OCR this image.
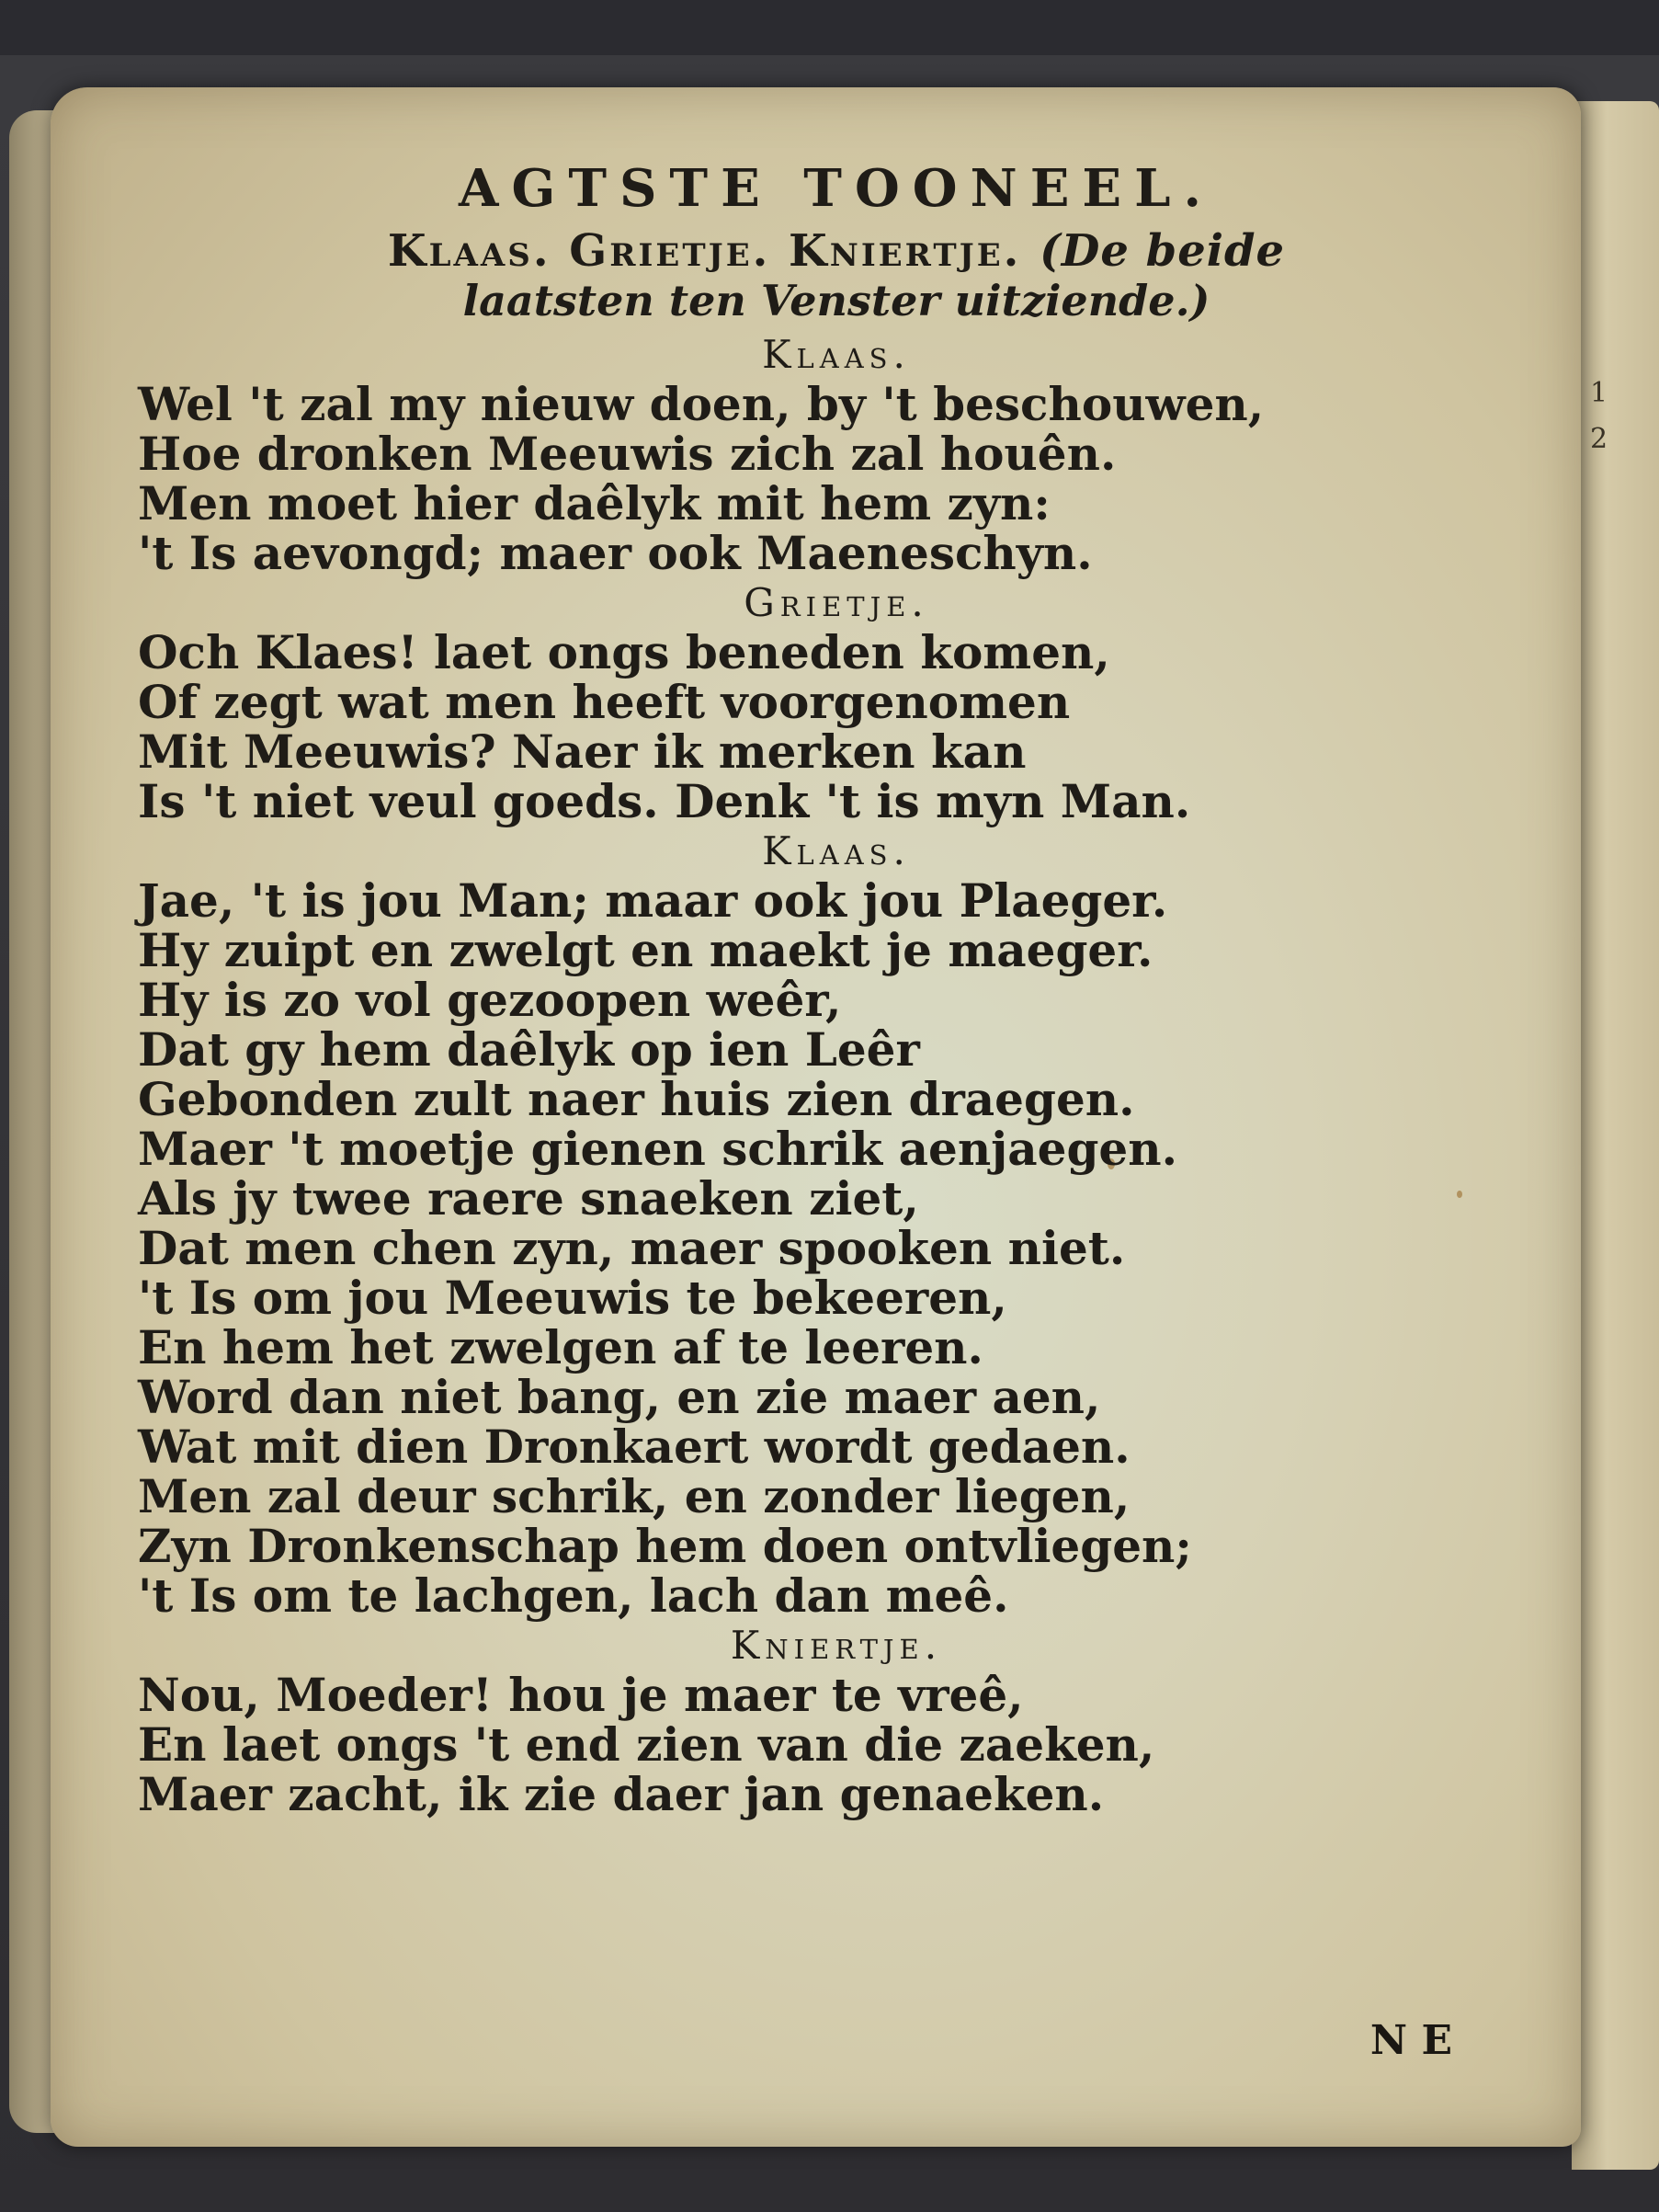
1
2

AGTSTE TOONEEL.

Klaas. Grietje. Kniertje. (De beide

laatsten ten Venster uitziende.)

Klaas.

Wel 't zal my nieuw doen, by 't beschouwen,

Hoe dronken Meeuwis zich zal houên.

Men moet hier daêlyk mit hem zyn:

't Is aevongd; maer ook Maeneschyn.

Grietje.

Och Klaes! laet ongs beneden komen,

Of zegt wat men heeft voorgenomen

Mit Meeuwis? Naer ik merken kan

Is 't niet veul goeds. Denk 't is myn Man.

Klaas.

Jae, 't is jou Man; maar ook jou Plaeger.

Hy zuipt en zwelgt en maekt je maeger.

Hy is zo vol gezoopen weêr,

Dat gy hem daêlyk op ien Leêr

Gebonden zult naer huis zien draegen.

Maer 't moetje gienen schrik aenjaegen.

Als jy twee raere snaeken ziet,

Dat men chen zyn, maer spooken niet.

't Is om jou Meeuwis te bekeeren,

En hem het zwelgen af te leeren.

Word dan niet bang, en zie maer aen,

Wat mit dien Dronkaert wordt gedaen.

Men zal deur schrik, en zonder liegen,

Zyn Dronkenschap hem doen ontvliegen;

't Is om te lachgen, lach dan meê.

Kniertje.

Nou, Moeder! hou je maer te vreê,

En laet ongs 't end zien van die zaeken,

Maer zacht, ik zie daer jan genaeken.

N E
